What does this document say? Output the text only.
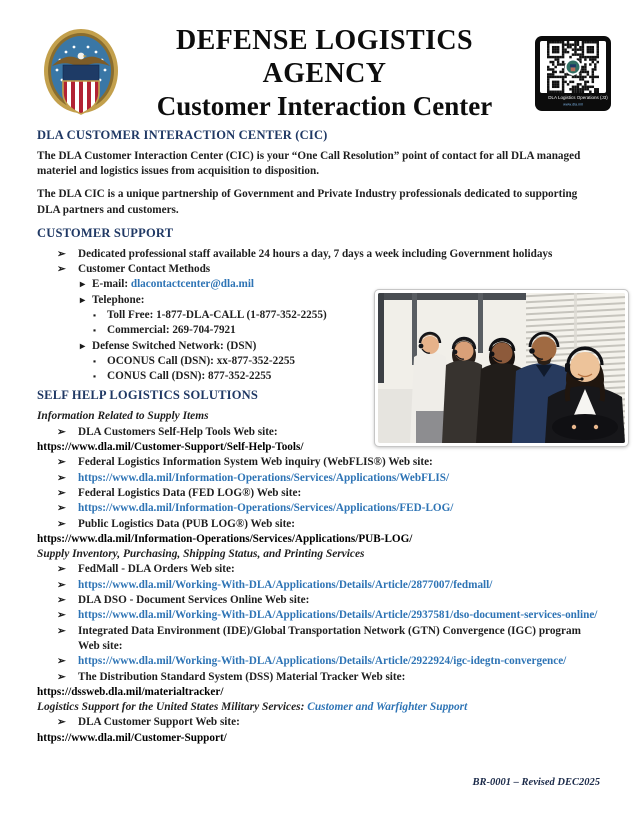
DEFENSE LOGISTICS AGENCY
Customer Interaction Center	DLA Logistics Operations (J3)
www.dla.mil
DLA CUSTOMER INTERACTION CENTER (CIC)
The DLA Customer Interaction Center (CIC) is your “One Call Resolution” point of contact for all DLA managed materiel and logistics issues from acquisition to disposition.
The DLA CIC is a unique partnership of Government and Private Industry professionals dedicated to supporting DLA partners and customers.
CUSTOMER SUPPORT
➢	Dedicated professional staff available 24 hours a day, 7 days a week including Government holidays
➢	Customer Contact Methods
▸ E-mail: dlacontactcenter@dla.mil
▸ Telephone:
▪ Toll Free: 1-877-DLA-CALL (1-877-352-2255)
▪ Commercial: 269-704-7921
▸ Defense Switched Network: (DSN)
▪ OCONUS Call (DSN): xx-877-352-2255
▪ CONUS Call (DSN): 877-352-2255
SELF HELP LOGISTICS SOLUTIONS
Information Related to Supply Items
➢	DLA Customers Self-Help Tools Web site:
https://www.dla.mil/Customer-Support/Self-Help-Tools/
➢	Federal Logistics Information System Web inquiry (WebFLIS®) Web site:
➢	https://www.dla.mil/Information-Operations/Services/Applications/WebFLIS/
➢	Federal Logistics Data (FED LOG®) Web site:
➢	https://www.dla.mil/Information-Operations/Services/Applications/FED-LOG/
➢	Public Logistics Data (PUB LOG®) Web site:
https://www.dla.mil/Information-Operations/Services/Applications/PUB-LOG/
Supply Inventory, Purchasing, Shipping Status, and Printing Services
➢	FedMall - DLA Orders Web site:
➢	https://www.dla.mil/Working-With-DLA/Applications/Details/Article/2877007/fedmall/
➢	DLA DSO - Document Services Online Web site:
➢	https://www.dla.mil/Working-With-DLA/Applications/Details/Article/2937581/dso-document-services-online/
➢	Integrated Data Environment (IDE)/Global Transportation Network (GTN) Convergence (IGC) program Web site:
➢	https://www.dla.mil/Working-With-DLA/Applications/Details/Article/2922924/igc-idegtn-convergence/
➢	The Distribution Standard System (DSS) Material Tracker Web site:
https://dssweb.dla.mil/materialtracker/
Logistics Support for the United States Military Services: Customer and Warfighter Support
➢	DLA Customer Support Web site:
https://www.dla.mil/Customer-Support/
BR-0001 – Revised DEC2025
